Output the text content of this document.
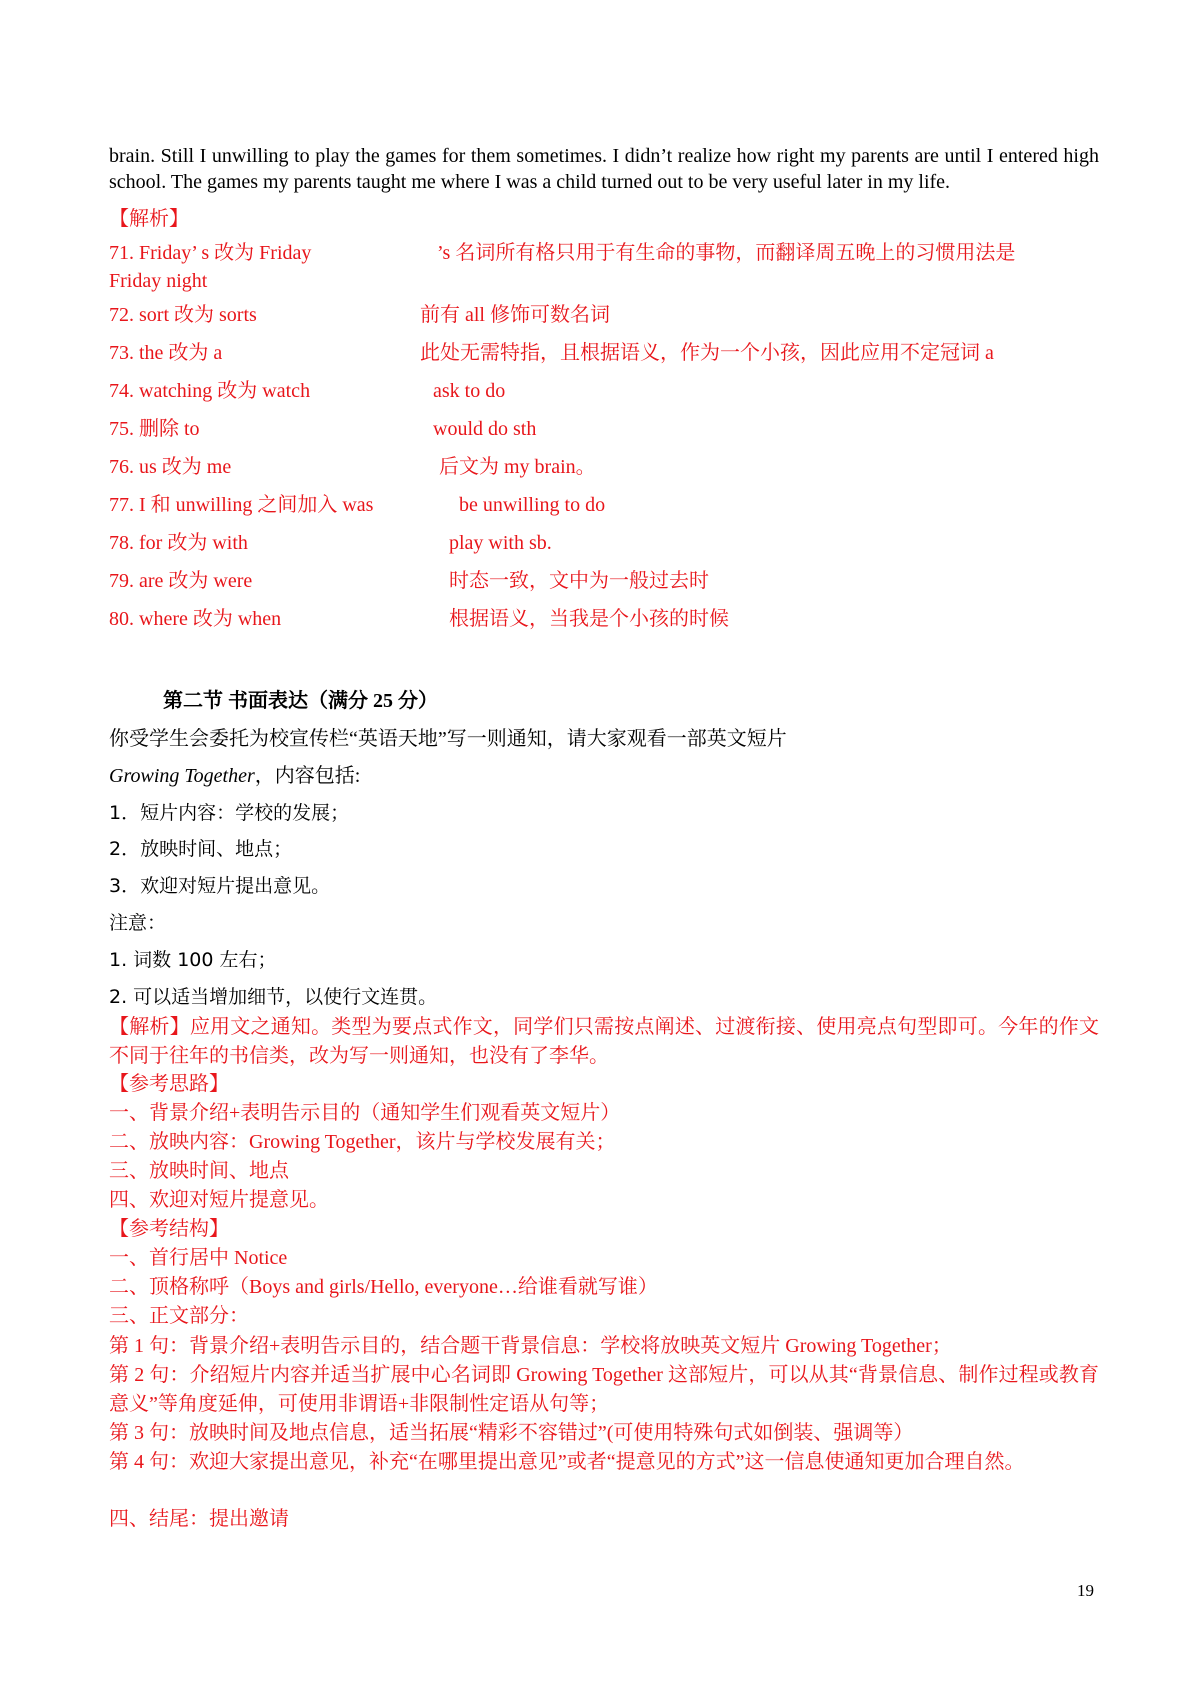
brain. Still I unwilling to play the games for them sometimes. I didn’t realize how right my parents are until I entered high school. The games my parents taught me where I was a child turned out to be very useful later in my life.

【解析】
71. Friday’ s 改为 Friday	’s 名词所有格只用于有生命的事物，而翻译周五晚上的习惯用法是
Friday night
72. sort 改为 sorts	前有 all 修饰可数名词
73. the 改为 a	此处无需特指，且根据语义，作为一个小孩，因此应用不定冠词 a
74. watching 改为 watch	ask to do
75. 删除 to	would do sth
76. us 改为 me	后文为 my brain。
77. I 和 unwilling 之间加入 was	be unwilling to do
78. for 改为 with	play with sb.
79. are 改为 were	时态一致，文中为一般过去时
80. where 改为 when	根据语义，当我是个小孩的时候
第二节 书面表达（满分 25 分）
你受学生会委托为校宣传栏“英语天地”写一则通知，请大家观看一部英文短片
Growing Together，内容包括:
1．短片内容：学校的发展；
2．放映时间、地点；
3．欢迎对短片提出意见。
注意：
1. 词数 100 左右；
2. 可以适当增加细节，以使行文连贯。

【解析】应用文之通知。类型为要点式作文，同学们只需按点阐述、过渡衔接、使用亮点句型即可。今年的作文不同于往年的书信类，改为写一则通知，也没有了李华。

【参考思路】
一、背景介绍+表明告示目的（通知学生们观看英文短片）
二、放映内容：Growing Together，该片与学校发展有关；
三、放映时间、地点
四、欢迎对短片提意见。
【参考结构】
一、首行居中 Notice
二、顶格称呼（Boys and girls/Hello, everyone…给谁看就写谁）
三、正文部分：

第 1 句：背景介绍+表明告示目的，结合题干背景信息：学校将放映英文短片 Growing Together；

第 2 句：介绍短片内容并适当扩展中心名词即 Growing Together 这部短片，可以从其“背景信息、制作过程或教育意义”等角度延伸，可使用非谓语+非限制性定语从句等；

第 3 句：放映时间及地点信息，适当拓展“精彩不容错过”(可使用特殊句式如倒装、强调等）

第 4 句：欢迎大家提出意见，补充“在哪里提出意见”或者“提意见的方式”这一信息使通知更加合理自然。

四、结尾：提出邀请
19
